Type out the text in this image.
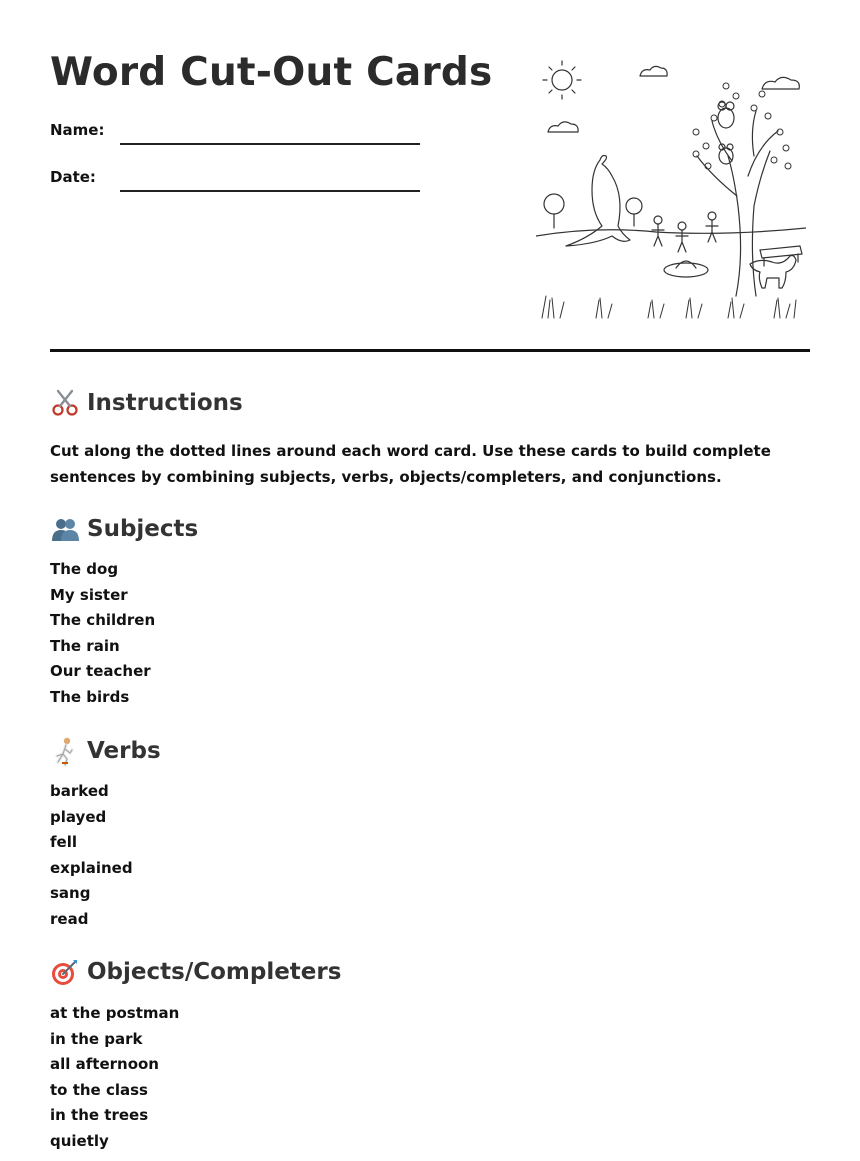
Word Cut-Out Cards
Name:
Date:
Instructions

Cut along the dotted lines around each word card. Use these cards to build complete sentences by combining subjects, verbs, objects/completers, and conjunctions.

Subjects
The dog
My sister
The children
The rain
Our teacher
The birds
Verbs
barked
played
fell
explained
sang
read
Objects/Completers
at the postman
in the park
all afternoon
to the class
in the trees
quietly
